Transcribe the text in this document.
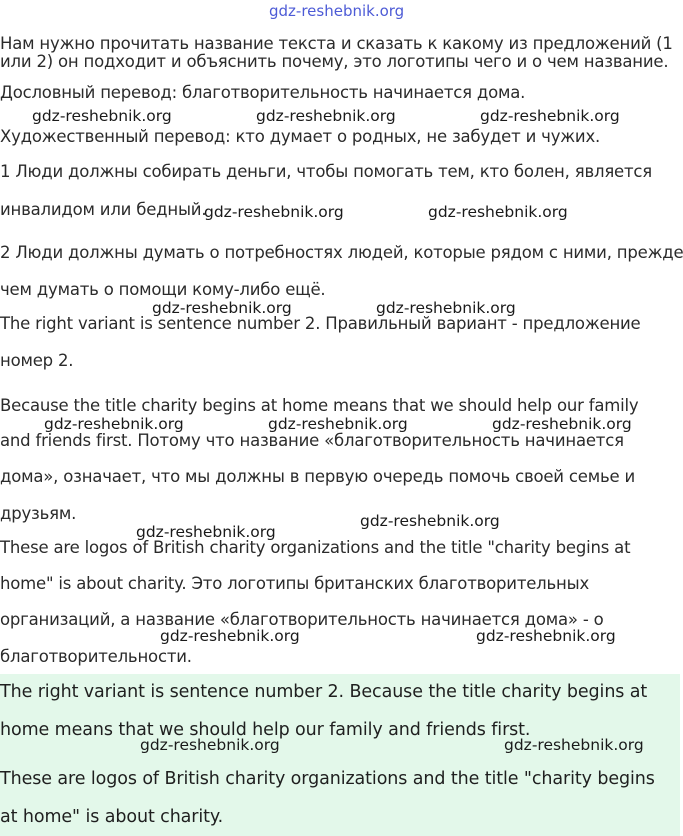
gdz-reshebnik.org
Нам нужно прочитать название текста и сказать к какому из предложений (1
или 2) он подходит и объяснить почему, это логотипы чего и о чем название.
Дословный перевод: благотворительность начинается дома.
Художественный перевод: кто думает о родных, не забудет и чужих.
1 Люди должны собирать деньги, чтобы помогать тем, кто болен, является
инвалидом или бедный.
2 Люди должны думать о потребностях людей, которые рядом с ними, прежде
чем думать о помощи кому-либо ещё.
The right variant is sentence number 2. Правильный вариант - предложение
номер 2.
Because the title charity begins at home means that we should help our family
and friends first. Потому что название «благотворительность начинается
дома», означает, что мы должны в первую очередь помочь своей семье и
друзьям.
These are logos of British charity organizations and the title "charity begins at
home" is about charity. Это логотипы британских благотворительных
организаций, а название «благотворительность начинается дома» - о
благотворительности.
The right variant is sentence number 2. Because the title charity begins at
home means that we should help our family and friends first.
These are logos of British charity organizations and the title "charity begins
at home" is about charity.
gdz-reshebnik.org	gdz-reshebnik.org	gdz-reshebnik.org
gdz-reshebnik.org	gdz-reshebnik.org
gdz-reshebnik.org	gdz-reshebnik.org
gdz-reshebnik.org	gdz-reshebnik.org	gdz-reshebnik.org
gdz-reshebnik.org
gdz-reshebnik.org
gdz-reshebnik.org	gdz-reshebnik.org
gdz-reshebnik.org	gdz-reshebnik.org
